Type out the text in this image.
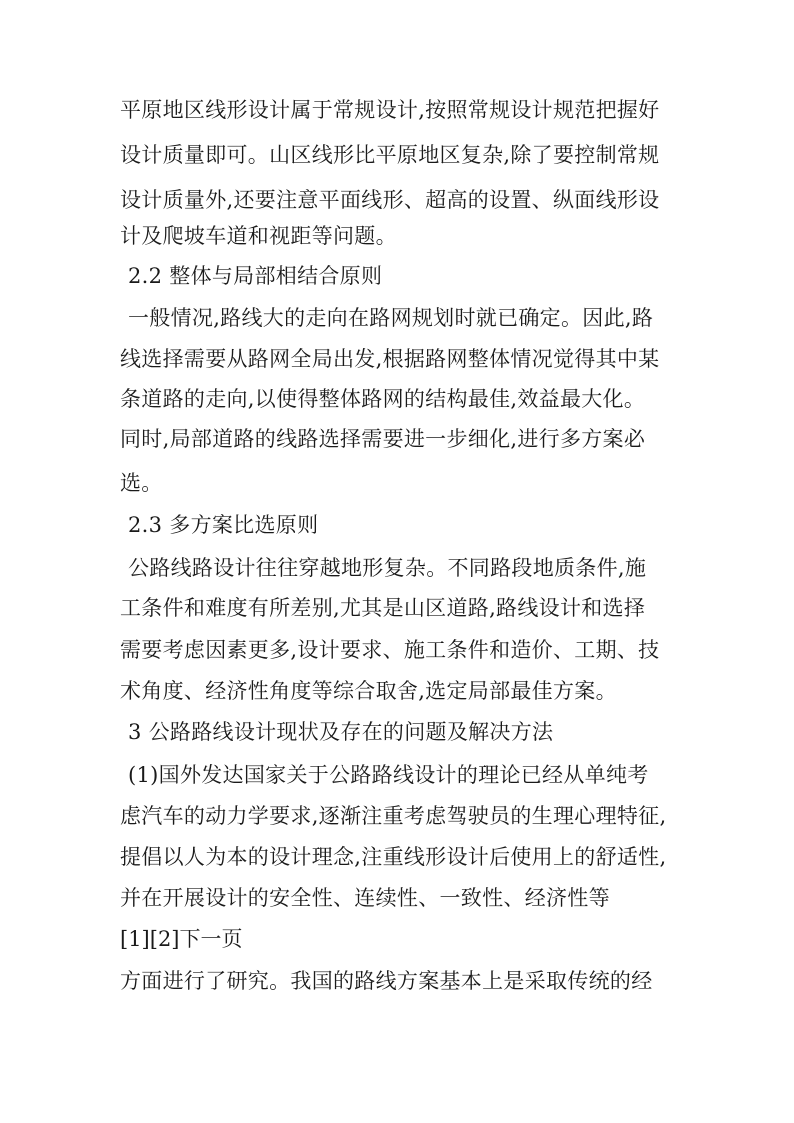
平原地区线形设计属于常规设计,按照常规设计规范把握好
设计质量即可。山区线形比平原地区复杂,除了要控制常规
设计质量外,还要注意平面线形、超高的设置、纵面线形设
计及爬坡车道和视距等问题。
2.2 整体与局部相结合原则
一般情况,路线大的走向在路网规划时就已确定。因此,路
线选择需要从路网全局出发,根据路网整体情况觉得其中某
条道路的走向,以使得整体路网的结构最佳,效益最大化。
同时,局部道路的线路选择需要进一步细化,进行多方案必
选。
2.3 多方案比选原则
公路线路设计往往穿越地形复杂。不同路段地质条件,施
工条件和难度有所差别,尤其是山区道路,路线设计和选择
需要考虑因素更多,设计要求、施工条件和造价、工期、技
术角度、经济性角度等综合取舍,选定局部最佳方案。
3 公路路线设计现状及存在的问题及解决方法
(1)国外发达国家关于公路路线设计的理论已经从单纯考
虑汽车的动力学要求,逐渐注重考虑驾驶员的生理心理特征,
提倡以人为本的设计理念,注重线形设计后使用上的舒适性,
并在开展设计的安全性、连续性、一致性、经济性等
[1][2]下一页
方面进行了研究。我国的路线方案基本上是采取传统的经
